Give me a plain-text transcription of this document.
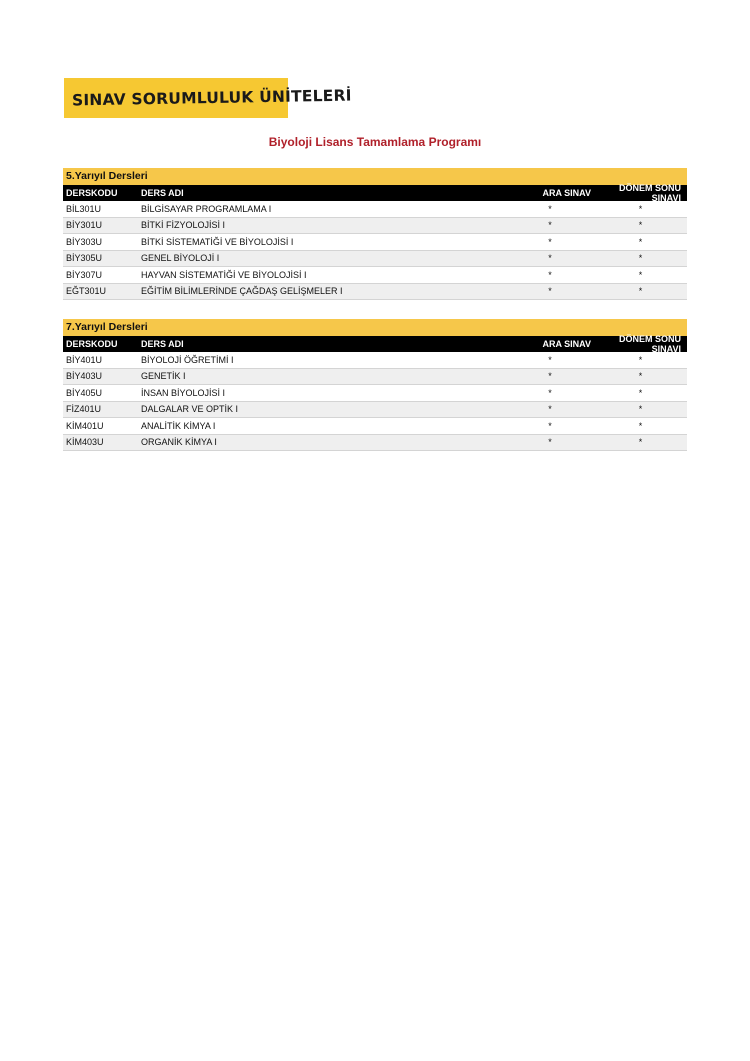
SINAV SORUMLULUK ÜNİTELERİ
Biyoloji Lisans Tamamlama Programı
5.Yarıyıl Dersleri
DERSKODU	DERS ADI	ARA SINAV	DÖNEM SONU SINAVI
BİL301U	BİLGİSAYAR PROGRAMLAMA I	*	*
BİY301U	BİTKİ FİZYOLOJİSİ I	*	*
BİY303U	BİTKİ SİSTEMATİĞİ VE BİYOLOJİSİ I	*	*
BİY305U	GENEL BİYOLOJİ I	*	*
BİY307U	HAYVAN SİSTEMATİĞİ VE BİYOLOJİSİ I	*	*
EĞT301U	EĞİTİM BİLİMLERİNDE ÇAĞDAŞ GELİŞMELER I	*	*
7.Yarıyıl Dersleri
DERSKODU	DERS ADI	ARA SINAV	DÖNEM SONU SINAVI
BİY401U	BİYOLOJİ ÖĞRETİMİ I	*	*
BİY403U	GENETİK I	*	*
BİY405U	İNSAN BİYOLOJİSİ I	*	*
FİZ401U	DALGALAR VE OPTİK I	*	*
KİM401U	ANALİTİK KİMYA I	*	*
KİM403U	ORGANİK KİMYA I	*	*
